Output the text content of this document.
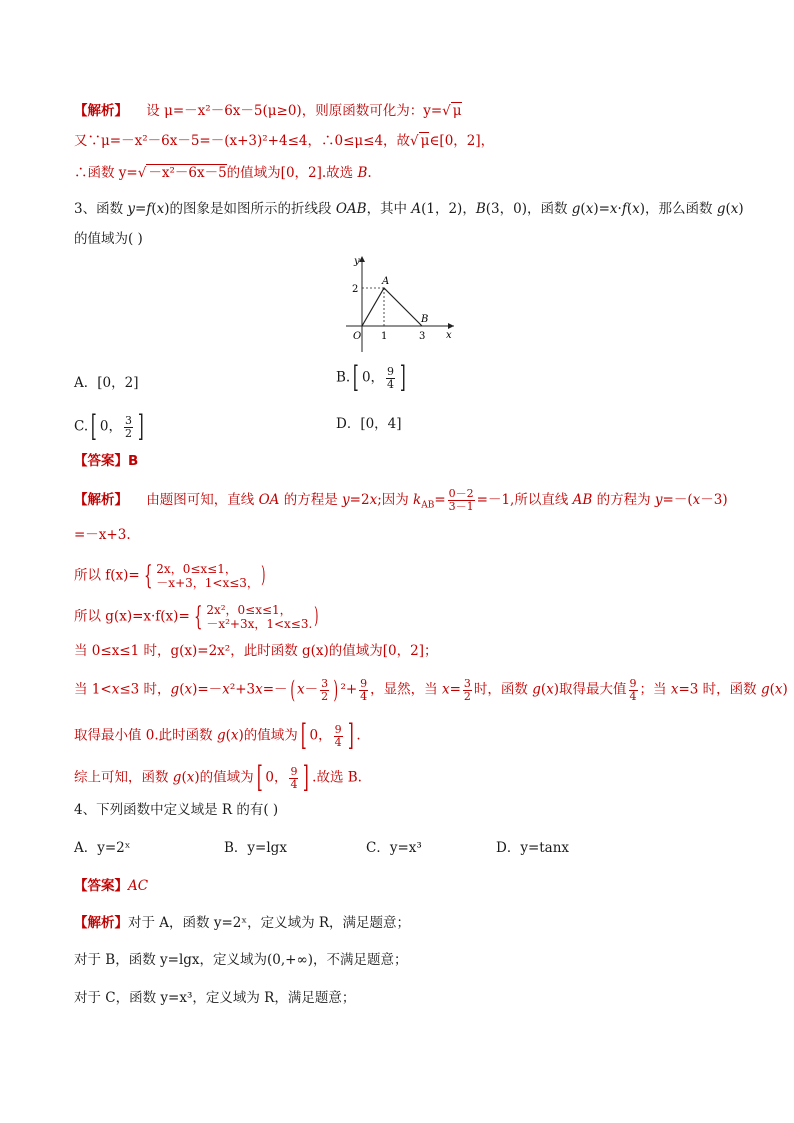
【解析】 设 μ=－x²－6x－5(μ≥0)，则原函数可化为：y=√ μ
又∵μ=－x²－6x－5=－(x+3)²+4≤4，∴0≤μ≤4，故√ μ∈[0，2]，
∴函数 y=√ －x²－6x－5的值域为[0，2].故选 B.
3、函数 y=f(x)的图象是如图所示的折线段 OAB，其中 A(1，2)，B(3，0)，函数 g(x)=x·f(x)，那么函数 g(x)
的值域为( )
y
x
O
A
B
2
1	3
A．[0，2]	B.[ 0， $\frac{9}{4}$ ]
C.[ 0， $\frac{3}{2}$ ]	D．[0，4]
【答案】B
【解析】 由题图可知，直线 OA 的方程是 y=2x;因为 $k_{AB}= \frac{0-2}{3-1} =-1$,所以直线 AB 的方程为 y=－(x－3)
=－x+3.
所以 f(x)= { 2x，0≤x≤1，
－x+3，1<x≤3， )
所以 g(x)=x·f(x)= { 2x²，0≤x≤1，
－x²+3x，1<x≤3. )
当 0≤x≤1 时，g(x)=2x²，此时函数 g(x)的值域为[0，2]；
当 1<x≤3 时，g(x)=－x²+3x=－( $x- \frac{3}{2}$ ) $^2+ \frac{9}{4}$ ，显然，当 $x= \frac{3}{2}$ 时，函数 g(x)取得最大值 $\frac{9}{4}$ ；当 x=3 时，函数 g(x)
取得最小值 0.此时函数 g(x)的值域为[ 0， $\frac{9}{4}$ ] .
综上可知，函数 g(x)的值域为[ 0， $\frac{9}{4}$ ] .故选 B.
4、下列函数中定义域是 R 的有( )
A．y=2ˣ	B．y=lgx	C．y=x³	D．y=tanx
【答案】AC
【解析】对于 A，函数 y=2ˣ，定义域为 R，满足题意；
对于 B，函数 y=lgx，定义域为(0,+∞)，不满足题意；
对于 C，函数 y=x³，定义域为 R，满足题意；
